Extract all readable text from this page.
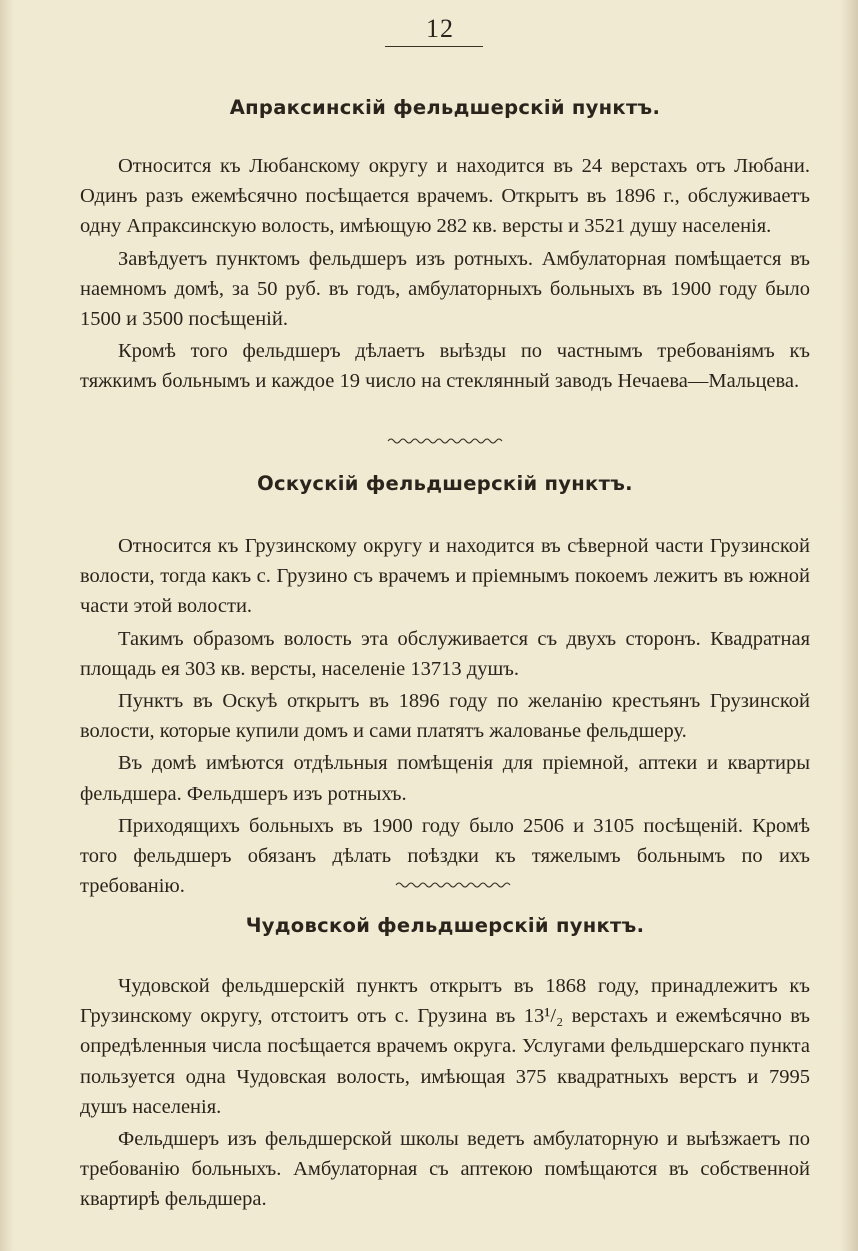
12
Апраксинскій фельдшерскій пунктъ.

Относится къ Любанскому округу и находится въ 24 верстахъ отъ Любани. Одинъ разъ ежемѣсячно посѣщается врачемъ. Открытъ въ 1896 г., обслуживаетъ одну Апраксинскую волость, имѣющую 282 кв. версты и 3521 душу населенія.

Завѣдуетъ пунктомъ фельдшеръ изъ ротныхъ. Амбулаторная помѣщается въ наемномъ домѣ, за 50 руб. въ годъ, амбулаторныхъ больныхъ въ 1900 году было 1500 и 3500 посѣщеній.

Кромѣ того фельдшеръ дѣлаетъ выѣзды по частнымъ требованіямъ къ тяжкимъ больнымъ и каждое 19 число на стеклянный заводъ Нечаева—Мальцева.

Оскускій фельдшерскій пунктъ.

Относится къ Грузинскому округу и находится въ сѣверной части Грузинской волости, тогда какъ с. Грузино съ врачемъ и пріемнымъ покоемъ лежитъ въ южной части этой волости.

Такимъ образомъ волость эта обслуживается съ двухъ сторонъ. Квадратная площадь ея 303 кв. версты, населеніе 13713 душъ.

Пунктъ въ Оскуѣ открытъ въ 1896 году по желанію крестьянъ Грузинской волости, которые купили домъ и сами платятъ жалованье фельдшеру.

Въ домѣ имѣются отдѣльныя помѣщенія для пріемной, аптеки и квартиры фельдшера. Фельдшеръ изъ ротныхъ.

Приходящихъ больныхъ въ 1900 году было 2506 и 3105 посѣщеній. Кромѣ того фельдшеръ обязанъ дѣлать поѣздки къ тяжелымъ больнымъ по ихъ требованію.

Чудовской фельдшерскій пунктъ.

Чудовской фельдшерскій пунктъ открытъ въ 1868 году, принадлежитъ къ Грузинскому округу, отстоитъ отъ с. Грузина въ 13¹/₂ верстахъ и ежемѣсячно въ опредѣленныя числа посѣщается врачемъ округа. Услугами фельдшерскаго пункта пользуется одна Чудовская волость, имѣющая 375 квадратныхъ верстъ и 7995 душъ населенія.

Фельдшеръ изъ фельдшерской школы ведетъ амбулаторную и выѣзжаетъ по требованію больныхъ. Амбулаторная съ аптекою помѣщаются въ собственной квартирѣ фельдшера.
